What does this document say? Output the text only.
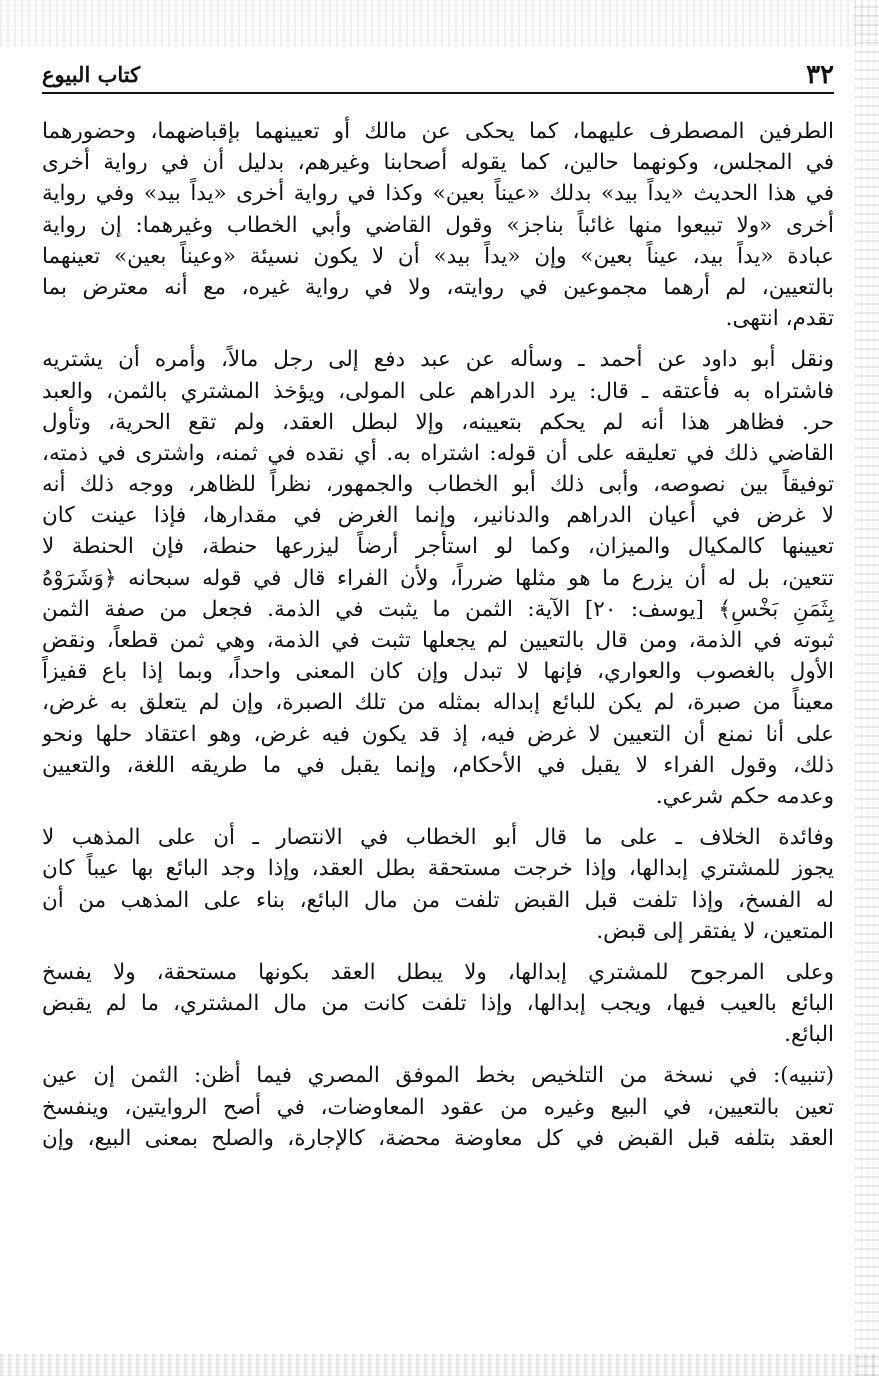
٣٢
كتاب البيوع
الطرفين المصطرف عليهما، كما يحكى عن مالك أو تعيينهما بإقباضهما، وحضورهما
في المجلس، وكونهما حالين، كما يقوله أصحابنا وغيرهم، بدليل أن في رواية أخرى
في هذا الحديث «يداً بيد» بدلك «عيناً بعين» وكذا في رواية أخرى «يداً بيد» وفي رواية
أخرى «ولا تبيعوا منها غائباً بناجز» وقول القاضي وأبي الخطاب وغيرهما: إن رواية
عبادة «يداً بيد، عيناً بعين» وإن «يداً بيد» أن لا يكون نسيئة «وعيناً بعين» تعينهما
بالتعيين، لم أرهما مجموعين في روايته، ولا في رواية غيره، مع أنه معترض بما
تقدم، انتهى.
ونقل أبو داود عن أحمد ـ وسأله عن عبد دفع إلى رجل مالاً، وأمره أن يشتريه
فاشتراه به فأعتقه ـ قال: يرد الدراهم على المولى، ويؤخذ المشتري بالثمن، والعبد
حر. فظاهر هذا أنه لم يحكم بتعيينه، وإلا لبطل العقد، ولم تقع الحرية، وتأول
القاضي ذلك في تعليقه على أن قوله: اشتراه به. أي نقده في ثمنه، واشترى في ذمته،
توفيقاً بين نصوصه، وأبى ذلك أبو الخطاب والجمهور، نظراً للظاهر، ووجه ذلك أنه
لا غرض في أعيان الدراهم والدنانير، وإنما الغرض في مقدارها، فإذا عينت كان
تعيينها كالمكيال والميزان، وكما لو استأجر أرضاً ليزرعها حنطة، فإن الحنطة لا
تتعين، بل له أن يزرع ما هو مثلها ضرراً، ولأن الفراء قال في قوله سبحانه ﴿وَشَرَوْهُ
بِثَمَنٍ بَخْسٍ﴾ [يوسف: ٢٠] الآية: الثمن ما يثبت في الذمة. فجعل من صفة الثمن
ثبوته في الذمة، ومن قال بالتعيين لم يجعلها تثبت في الذمة، وهي ثمن قطعاً، ونقض
الأول بالغصوب والعواري، فإنها لا تبدل وإن كان المعنى واحداً، وبما إذا باع قفيزاً
معيناً من صبرة، لم يكن للبائع إبداله بمثله من تلك الصبرة، وإن لم يتعلق به غرض،
على أنا نمنع أن التعيين لا غرض فيه، إذ قد يكون فيه غرض، وهو اعتقاد حلها ونحو
ذلك، وقول الفراء لا يقبل في الأحكام، وإنما يقبل في ما طريقه اللغة، والتعيين
وعدمه حكم شرعي.
وفائدة الخلاف ـ على ما قال أبو الخطاب في الانتصار ـ أن على المذهب لا
يجوز للمشتري إبدالها، وإذا خرجت مستحقة بطل العقد، وإذا وجد البائع بها عيباً كان
له الفسخ، وإذا تلفت قبل القبض تلفت من مال البائع، بناء على المذهب من أن
المتعين، لا يفتقر إلى قبض.
وعلى المرجوح للمشتري إبدالها، ولا يبطل العقد بكونها مستحقة، ولا يفسخ
البائع بالعيب فيها، ويجب إبدالها، وإذا تلفت كانت من مال المشتري، ما لم يقبض
البائع.
(تنبيه): في نسخة من التلخيص بخط الموفق المصري فيما أظن: الثمن إن عين
تعين بالتعيين، في البيع وغيره من عقود المعاوضات، في أصح الروايتين، وينفسخ
العقد بتلفه قبل القبض في كل معاوضة محضة، كالإجارة، والصلح بمعنى البيع، وإن
